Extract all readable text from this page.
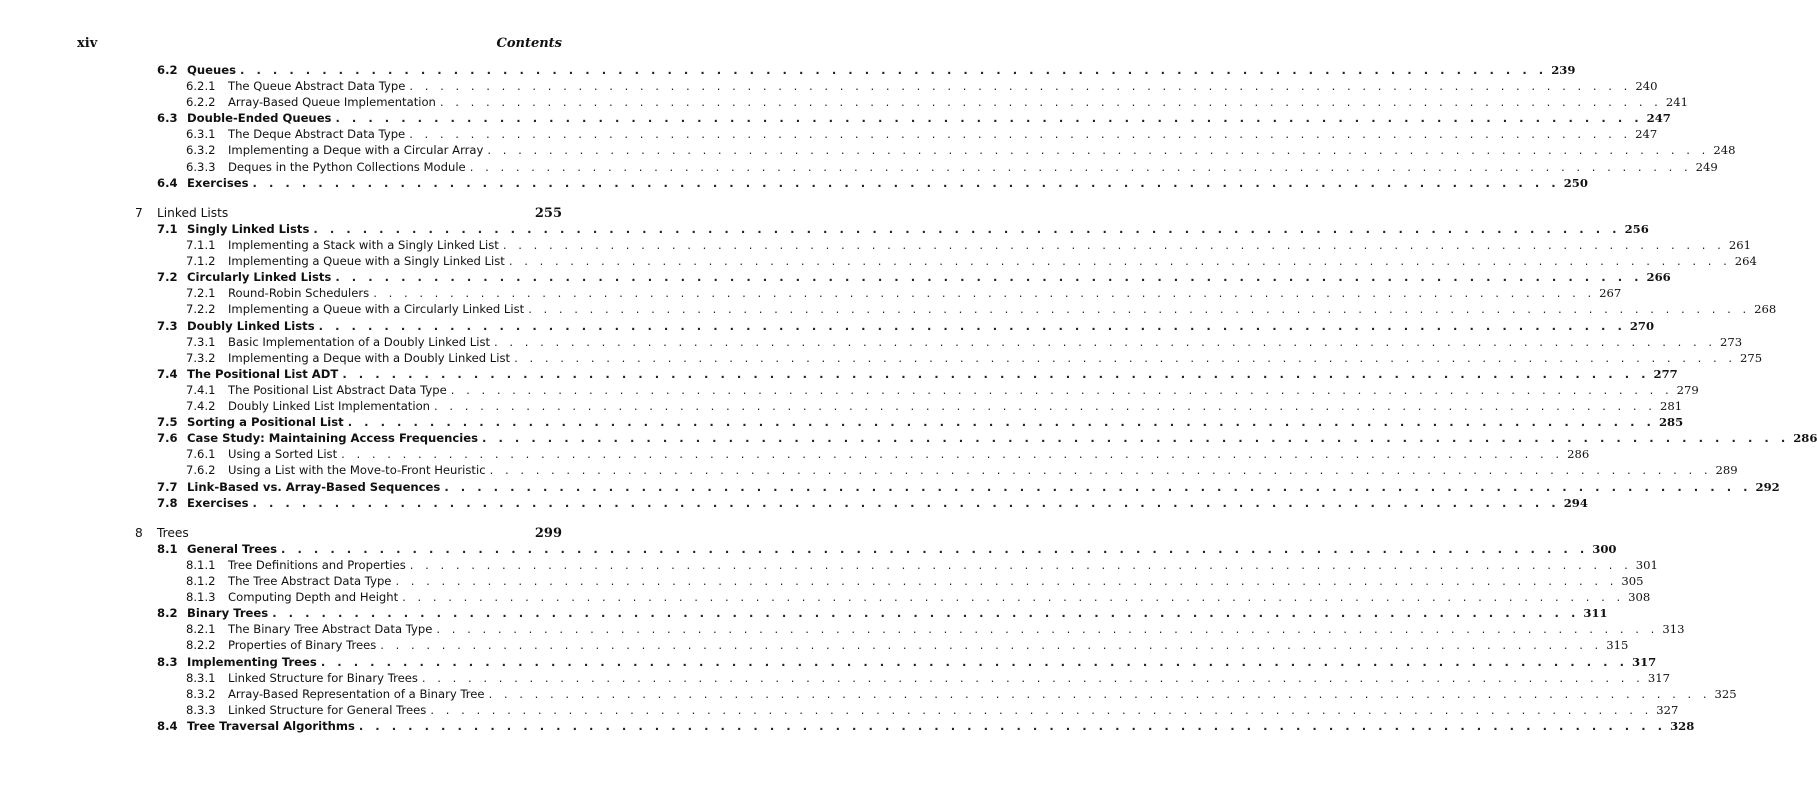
xiv	Contents
6.2 Queues . . . . . . . . . . . . . . . . . . . . . . . . . . . . . . . . . . . . . . . . . . . . . . . . . . . . . . . . . . . . . . . . . . . . . . . . . . . . . . . . 239
6.2.1	The Queue Abstract Data Type . . . . . . . . . . . . . . . . . . . . . . . . . . . . . . . . . . . . . . . . . . . . . . . . . . . . . . . . . . . . . . . . . . . . . . . . . . . . . . . . 240
6.2.2	Array-Based Queue Implementation . . . . . . . . . . . . . . . . . . . . . . . . . . . . . . . . . . . . . . . . . . . . . . . . . . . . . . . . . . . . . . . . . . . . . . . . . . . . . . . . 241
6.3 Double-Ended Queues . . . . . . . . . . . . . . . . . . . . . . . . . . . . . . . . . . . . . . . . . . . . . . . . . . . . . . . . . . . . . . . . . . . . . . . . . . . . . . . . 247
6.3.1	The Deque Abstract Data Type . . . . . . . . . . . . . . . . . . . . . . . . . . . . . . . . . . . . . . . . . . . . . . . . . . . . . . . . . . . . . . . . . . . . . . . . . . . . . . . . 247
6.3.2	Implementing a Deque with a Circular Array . . . . . . . . . . . . . . . . . . . . . . . . . . . . . . . . . . . . . . . . . . . . . . . . . . . . . . . . . . . . . . . . . . . . . . . . . . . . . . . . 248
6.3.3	Deques in the Python Collections Module . . . . . . . . . . . . . . . . . . . . . . . . . . . . . . . . . . . . . . . . . . . . . . . . . . . . . . . . . . . . . . . . . . . . . . . . . . . . . . . . 249
6.4 Exercises . . . . . . . . . . . . . . . . . . . . . . . . . . . . . . . . . . . . . . . . . . . . . . . . . . . . . . . . . . . . . . . . . . . . . . . . . . . . . . . . 250
7	Linked Lists	255
7.1 Singly Linked Lists . . . . . . . . . . . . . . . . . . . . . . . . . . . . . . . . . . . . . . . . . . . . . . . . . . . . . . . . . . . . . . . . . . . . . . . . . . . . . . . . 256
7.1.1	Implementing a Stack with a Singly Linked List . . . . . . . . . . . . . . . . . . . . . . . . . . . . . . . . . . . . . . . . . . . . . . . . . . . . . . . . . . . . . . . . . . . . . . . . . . . . . . . . 261
7.1.2	Implementing a Queue with a Singly Linked List . . . . . . . . . . . . . . . . . . . . . . . . . . . . . . . . . . . . . . . . . . . . . . . . . . . . . . . . . . . . . . . . . . . . . . . . . . . . . . . . 264
7.2 Circularly Linked Lists . . . . . . . . . . . . . . . . . . . . . . . . . . . . . . . . . . . . . . . . . . . . . . . . . . . . . . . . . . . . . . . . . . . . . . . . . . . . . . . . 266
7.2.1	Round-Robin Schedulers . . . . . . . . . . . . . . . . . . . . . . . . . . . . . . . . . . . . . . . . . . . . . . . . . . . . . . . . . . . . . . . . . . . . . . . . . . . . . . . . 267
7.2.2	Implementing a Queue with a Circularly Linked List . . . . . . . . . . . . . . . . . . . . . . . . . . . . . . . . . . . . . . . . . . . . . . . . . . . . . . . . . . . . . . . . . . . . . . . . . . . . . . . . 268
7.3 Doubly Linked Lists . . . . . . . . . . . . . . . . . . . . . . . . . . . . . . . . . . . . . . . . . . . . . . . . . . . . . . . . . . . . . . . . . . . . . . . . . . . . . . . . 270
7.3.1	Basic Implementation of a Doubly Linked List . . . . . . . . . . . . . . . . . . . . . . . . . . . . . . . . . . . . . . . . . . . . . . . . . . . . . . . . . . . . . . . . . . . . . . . . . . . . . . . . 273
7.3.2	Implementing a Deque with a Doubly Linked List . . . . . . . . . . . . . . . . . . . . . . . . . . . . . . . . . . . . . . . . . . . . . . . . . . . . . . . . . . . . . . . . . . . . . . . . . . . . . . . . 275
7.4 The Positional List ADT . . . . . . . . . . . . . . . . . . . . . . . . . . . . . . . . . . . . . . . . . . . . . . . . . . . . . . . . . . . . . . . . . . . . . . . . . . . . . . . . 277
7.4.1	The Positional List Abstract Data Type . . . . . . . . . . . . . . . . . . . . . . . . . . . . . . . . . . . . . . . . . . . . . . . . . . . . . . . . . . . . . . . . . . . . . . . . . . . . . . . . 279
7.4.2	Doubly Linked List Implementation . . . . . . . . . . . . . . . . . . . . . . . . . . . . . . . . . . . . . . . . . . . . . . . . . . . . . . . . . . . . . . . . . . . . . . . . . . . . . . . . 281
7.5 Sorting a Positional List . . . . . . . . . . . . . . . . . . . . . . . . . . . . . . . . . . . . . . . . . . . . . . . . . . . . . . . . . . . . . . . . . . . . . . . . . . . . . . . . 285
7.6 Case Study: Maintaining Access Frequencies . . . . . . . . . . . . . . . . . . . . . . . . . . . . . . . . . . . . . . . . . . . . . . . . . . . . . . . . . . . . . . . . . . . . . . . . . . . . . . . . 286
7.6.1	Using a Sorted List . . . . . . . . . . . . . . . . . . . . . . . . . . . . . . . . . . . . . . . . . . . . . . . . . . . . . . . . . . . . . . . . . . . . . . . . . . . . . . . . 286
7.6.2	Using a List with the Move-to-Front Heuristic . . . . . . . . . . . . . . . . . . . . . . . . . . . . . . . . . . . . . . . . . . . . . . . . . . . . . . . . . . . . . . . . . . . . . . . . . . . . . . . . 289
7.7 Link-Based vs. Array-Based Sequences . . . . . . . . . . . . . . . . . . . . . . . . . . . . . . . . . . . . . . . . . . . . . . . . . . . . . . . . . . . . . . . . . . . . . . . . . . . . . . . . 292
7.8 Exercises . . . . . . . . . . . . . . . . . . . . . . . . . . . . . . . . . . . . . . . . . . . . . . . . . . . . . . . . . . . . . . . . . . . . . . . . . . . . . . . . 294
8	Trees	299
8.1 General Trees . . . . . . . . . . . . . . . . . . . . . . . . . . . . . . . . . . . . . . . . . . . . . . . . . . . . . . . . . . . . . . . . . . . . . . . . . . . . . . . . 300
8.1.1	Tree Definitions and Properties . . . . . . . . . . . . . . . . . . . . . . . . . . . . . . . . . . . . . . . . . . . . . . . . . . . . . . . . . . . . . . . . . . . . . . . . . . . . . . . . 301
8.1.2	The Tree Abstract Data Type . . . . . . . . . . . . . . . . . . . . . . . . . . . . . . . . . . . . . . . . . . . . . . . . . . . . . . . . . . . . . . . . . . . . . . . . . . . . . . . . 305
8.1.3	Computing Depth and Height . . . . . . . . . . . . . . . . . . . . . . . . . . . . . . . . . . . . . . . . . . . . . . . . . . . . . . . . . . . . . . . . . . . . . . . . . . . . . . . . 308
8.2 Binary Trees . . . . . . . . . . . . . . . . . . . . . . . . . . . . . . . . . . . . . . . . . . . . . . . . . . . . . . . . . . . . . . . . . . . . . . . . . . . . . . . . 311
8.2.1	The Binary Tree Abstract Data Type . . . . . . . . . . . . . . . . . . . . . . . . . . . . . . . . . . . . . . . . . . . . . . . . . . . . . . . . . . . . . . . . . . . . . . . . . . . . . . . . 313
8.2.2	Properties of Binary Trees . . . . . . . . . . . . . . . . . . . . . . . . . . . . . . . . . . . . . . . . . . . . . . . . . . . . . . . . . . . . . . . . . . . . . . . . . . . . . . . . 315
8.3 Implementing Trees . . . . . . . . . . . . . . . . . . . . . . . . . . . . . . . . . . . . . . . . . . . . . . . . . . . . . . . . . . . . . . . . . . . . . . . . . . . . . . . . 317
8.3.1	Linked Structure for Binary Trees . . . . . . . . . . . . . . . . . . . . . . . . . . . . . . . . . . . . . . . . . . . . . . . . . . . . . . . . . . . . . . . . . . . . . . . . . . . . . . . . 317
8.3.2	Array-Based Representation of a Binary Tree . . . . . . . . . . . . . . . . . . . . . . . . . . . . . . . . . . . . . . . . . . . . . . . . . . . . . . . . . . . . . . . . . . . . . . . . . . . . . . . . 325
8.3.3	Linked Structure for General Trees . . . . . . . . . . . . . . . . . . . . . . . . . . . . . . . . . . . . . . . . . . . . . . . . . . . . . . . . . . . . . . . . . . . . . . . . . . . . . . . . 327
8.4 Tree Traversal Algorithms . . . . . . . . . . . . . . . . . . . . . . . . . . . . . . . . . . . . . . . . . . . . . . . . . . . . . . . . . . . . . . . . . . . . . . . . . . . . . . . . 328
